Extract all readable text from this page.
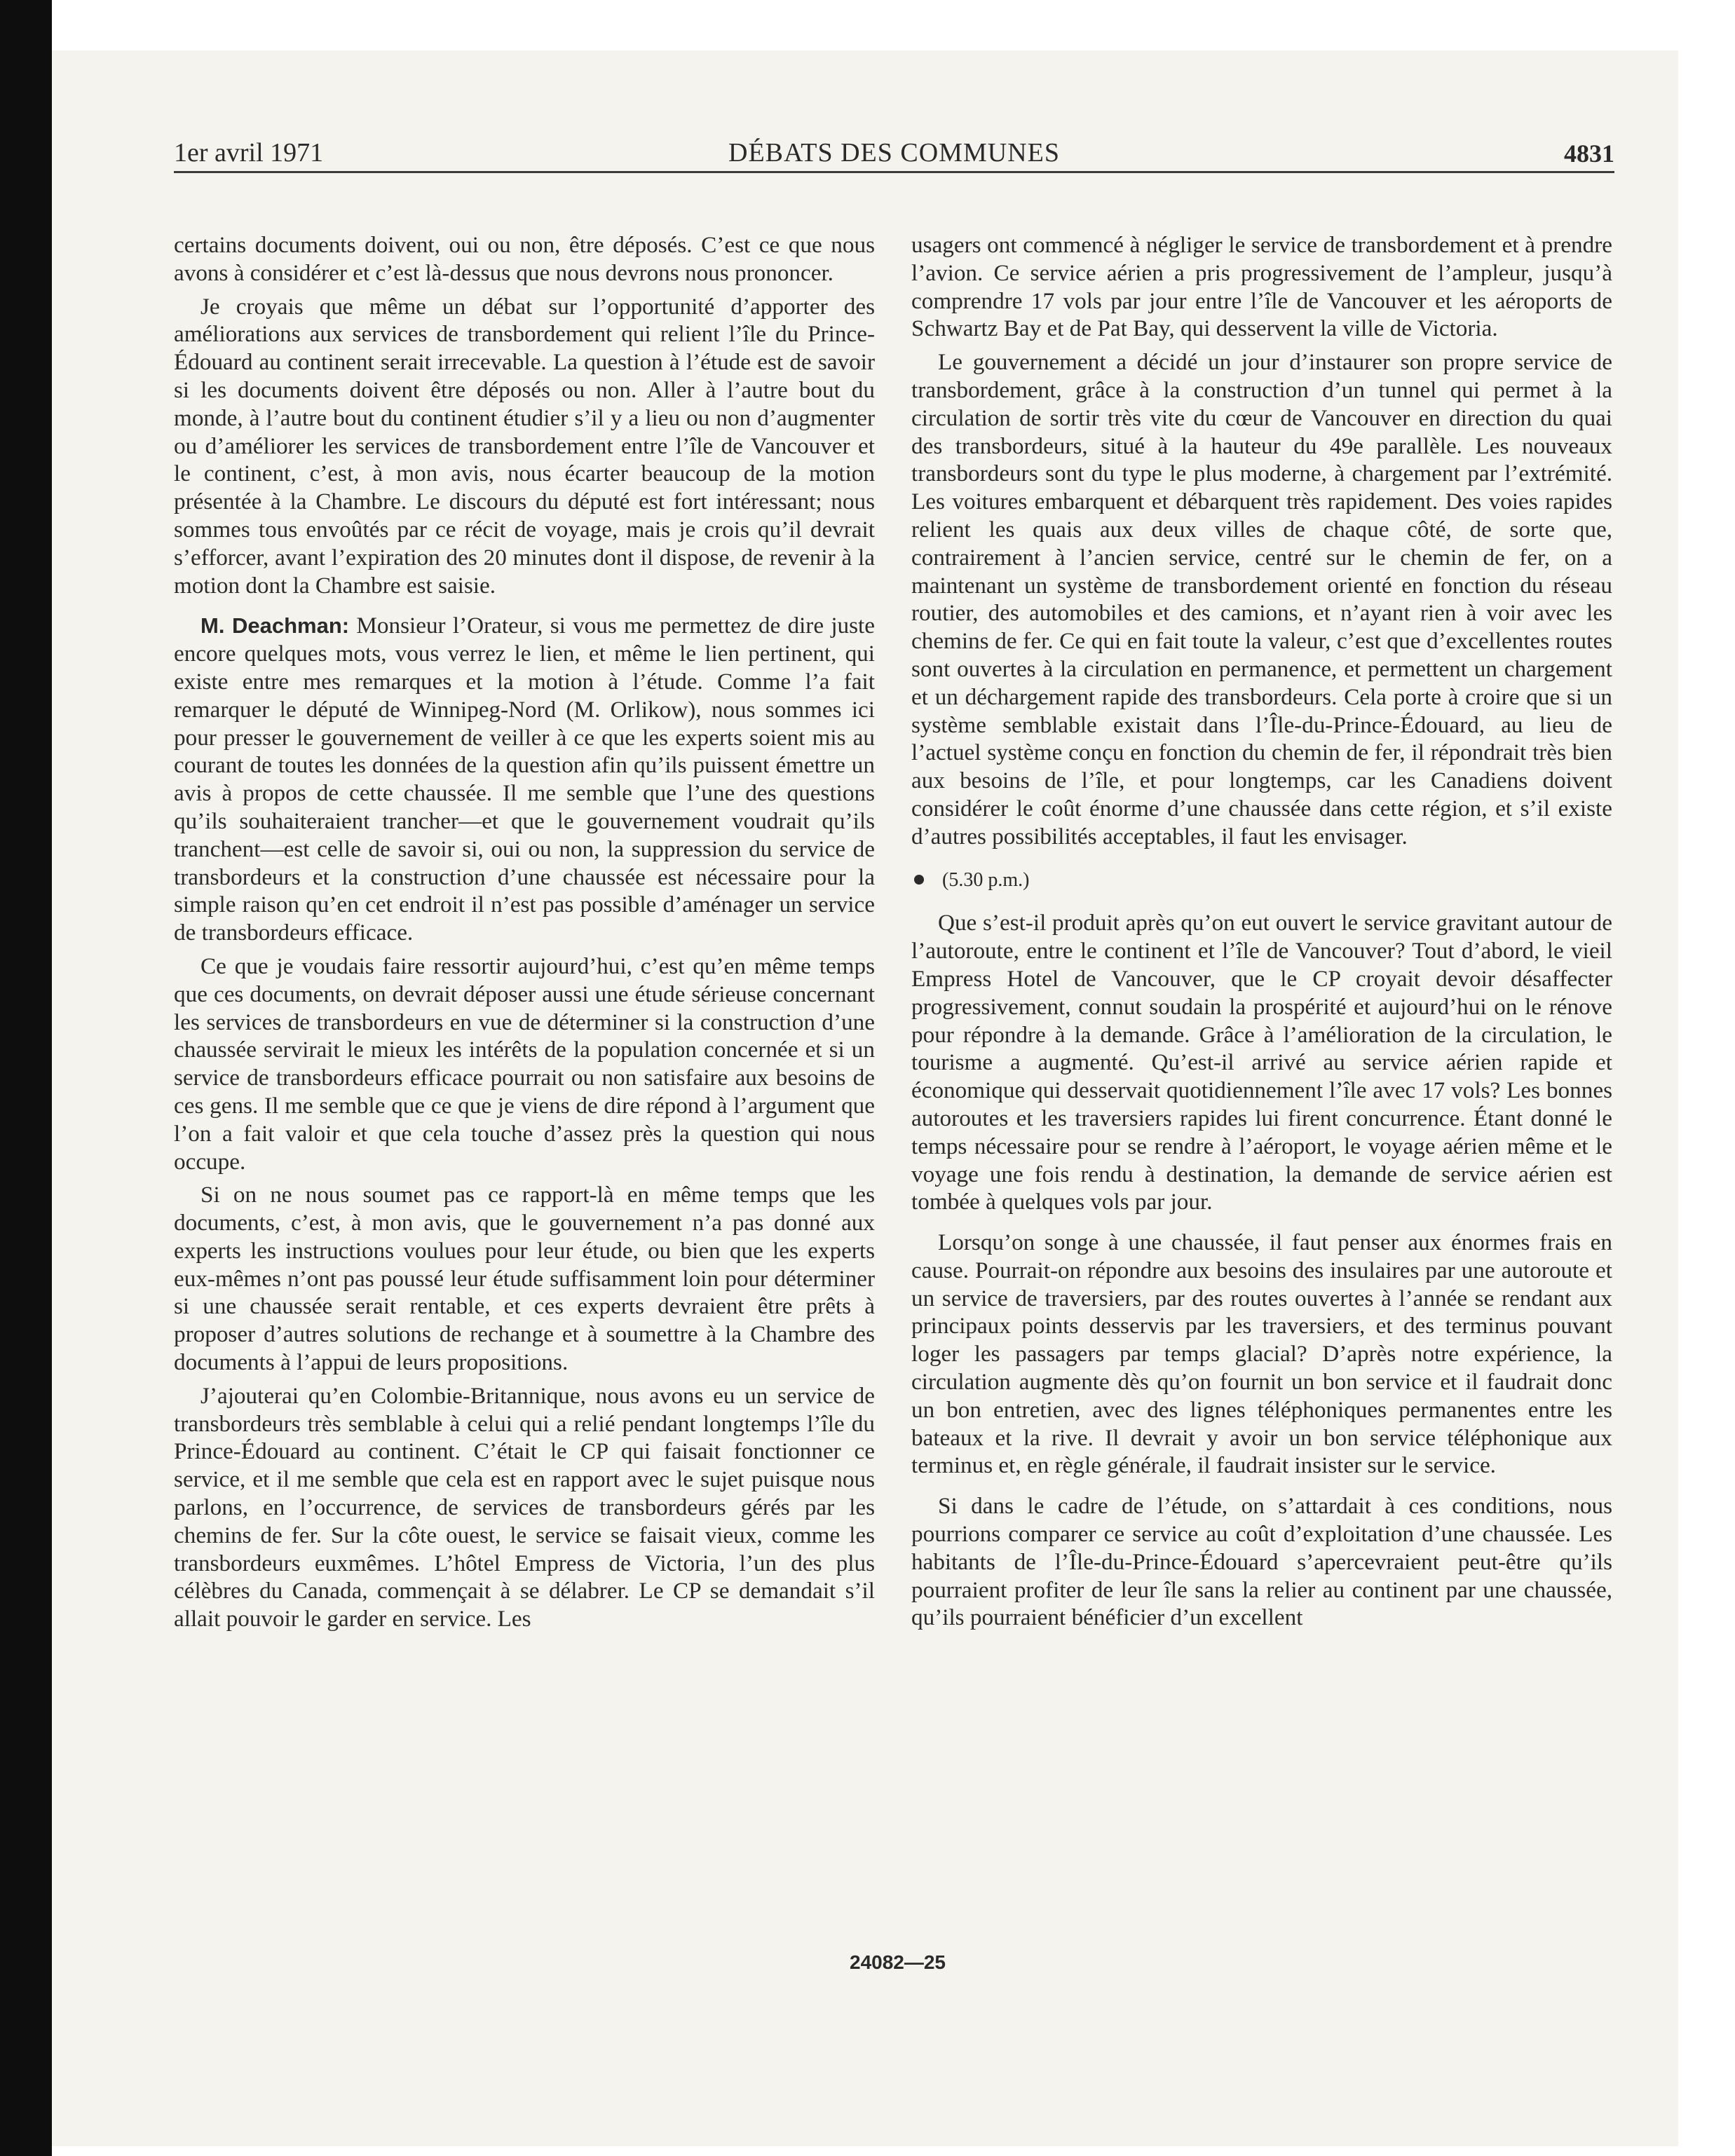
1er avril 1971	DÉBATS DES COMMUNES	4831

certains documents doivent, oui ou non, être déposés. C’est ce que nous avons à considérer et c’est là-dessus que nous devrons nous prononcer.

Je croyais que même un débat sur l’opportunité d’apporter des améliorations aux services de transbordement qui relient l’île du Prince-Édouard au continent serait irrecevable. La question à l’étude est de savoir si les documents doivent être déposés ou non. Aller à l’autre bout du monde, à l’autre bout du continent étudier s’il y a lieu ou non d’augmenter ou d’améliorer les services de transbordement entre l’île de Vancouver et le continent, c’est, à mon avis, nous écarter beaucoup de la motion présentée à la Chambre. Le discours du député est fort intéressant; nous sommes tous envoûtés par ce récit de voyage, mais je crois qu’il devrait s’efforcer, avant l’expiration des 20 minutes dont il dispose, de revenir à la motion dont la Chambre est saisie.

M. Deachman: Monsieur l’Orateur, si vous me permettez de dire juste encore quelques mots, vous verrez le lien, et même le lien pertinent, qui existe entre mes remarques et la motion à l’étude. Comme l’a fait remarquer le député de Winnipeg-Nord (M. Orlikow), nous sommes ici pour presser le gouvernement de veiller à ce que les experts soient mis au courant de toutes les données de la question afin qu’ils puissent émettre un avis à propos de cette chaussée. Il me semble que l’une des questions qu’ils souhaiteraient trancher—et que le gouvernement voudrait qu’ils tranchent—est celle de savoir si, oui ou non, la suppression du service de transbordeurs et la construction d’une chaussée est nécessaire pour la simple raison qu’en cet endroit il n’est pas possible d’aménager un service de transbordeurs efficace.

Ce que je voudais faire ressortir aujourd’hui, c’est qu’en même temps que ces documents, on devrait déposer aussi une étude sérieuse concernant les services de transbordeurs en vue de déterminer si la construction d’une chaussée servirait le mieux les intérêts de la population concernée et si un service de transbordeurs efficace pourrait ou non satisfaire aux besoins de ces gens. Il me semble que ce que je viens de dire répond à l’argument que l’on a fait valoir et que cela touche d’assez près la question qui nous occupe.

Si on ne nous soumet pas ce rapport-là en même temps que les documents, c’est, à mon avis, que le gouvernement n’a pas donné aux experts les instructions voulues pour leur étude, ou bien que les experts eux-mêmes n’ont pas poussé leur étude suffisamment loin pour déterminer si une chaussée serait rentable, et ces experts devraient être prêts à proposer d’autres solutions de rechange et à soumettre à la Chambre des documents à l’appui de leurs propositions.

J’ajouterai qu’en Colombie-Britannique, nous avons eu un service de transbordeurs très semblable à celui qui a relié pendant longtemps l’île du Prince-Édouard au continent. C’était le CP qui faisait fonctionner ce service, et il me semble que cela est en rapport avec le sujet puisque nous parlons, en l’occurrence, de services de transbordeurs gérés par les chemins de fer. Sur la côte ouest, le service se faisait vieux, comme les transbordeurs euxmêmes. L’hôtel Empress de Victoria, l’un des plus célèbres du Canada, commençait à se délabrer. Le CP se demandait s’il allait pouvoir le garder en service. Les

usagers ont commencé à négliger le service de transbordement et à prendre l’avion. Ce service aérien a pris progressivement de l’ampleur, jusqu’à comprendre 17 vols par jour entre l’île de Vancouver et les aéroports de Schwartz Bay et de Pat Bay, qui desservent la ville de Victoria.

Le gouvernement a décidé un jour d’instaurer son propre service de transbordement, grâce à la construction d’un tunnel qui permet à la circulation de sortir très vite du cœur de Vancouver en direction du quai des transbordeurs, situé à la hauteur du 49e parallèle. Les nouveaux transbordeurs sont du type le plus moderne, à chargement par l’extrémité. Les voitures embarquent et débarquent très rapidement. Des voies rapides relient les quais aux deux villes de chaque côté, de sorte que, contrairement à l’ancien service, centré sur le chemin de fer, on a maintenant un système de transbordement orienté en fonction du réseau routier, des automobiles et des camions, et n’ayant rien à voir avec les chemins de fer. Ce qui en fait toute la valeur, c’est que d’excellentes routes sont ouvertes à la circulation en permanence, et permettent un chargement et un déchargement rapide des transbordeurs. Cela porte à croire que si un système semblable existait dans l’Île-du-Prince-Édouard, au lieu de l’actuel système conçu en fonction du chemin de fer, il répondrait très bien aux besoins de l’île, et pour longtemps, car les Canadiens doivent considérer le coût énorme d’une chaussée dans cette région, et s’il existe d’autres possibilités acceptables, il faut les envisager.

(5.30 p.m.)

Que s’est-il produit après qu’on eut ouvert le service gravitant autour de l’autoroute, entre le continent et l’île de Vancouver? Tout d’abord, le vieil Empress Hotel de Vancouver, que le CP croyait devoir désaffecter progressivement, connut soudain la prospérité et aujourd’hui on le rénove pour répondre à la demande. Grâce à l’amélioration de la circulation, le tourisme a augmenté. Qu’est-il arrivé au service aérien rapide et économique qui desservait quotidiennement l’île avec 17 vols? Les bonnes autoroutes et les traversiers rapides lui firent concurrence. Étant donné le temps nécessaire pour se rendre à l’aéroport, le voyage aérien même et le voyage une fois rendu à destination, la demande de service aérien est tombée à quelques vols par jour.

Lorsqu’on songe à une chaussée, il faut penser aux énormes frais en cause. Pourrait-on répondre aux besoins des insulaires par une autoroute et un service de traversiers, par des routes ouvertes à l’année se rendant aux principaux points desservis par les traversiers, et des terminus pouvant loger les passagers par temps glacial? D’après notre expérience, la circulation augmente dès qu’on fournit un bon service et il faudrait donc un bon entretien, avec des lignes téléphoniques permanentes entre les bateaux et la rive. Il devrait y avoir un bon service téléphonique aux terminus et, en règle générale, il faudrait insister sur le service.

Si dans le cadre de l’étude, on s’attardait à ces conditions, nous pourrions comparer ce service au coût d’exploitation d’une chaussée. Les habitants de l’Île-du-Prince-Édouard s’apercevraient peut-être qu’ils pourraient profiter de leur île sans la relier au continent par une chaussée, qu’ils pourraient bénéficier d’un excellent

24082—25
